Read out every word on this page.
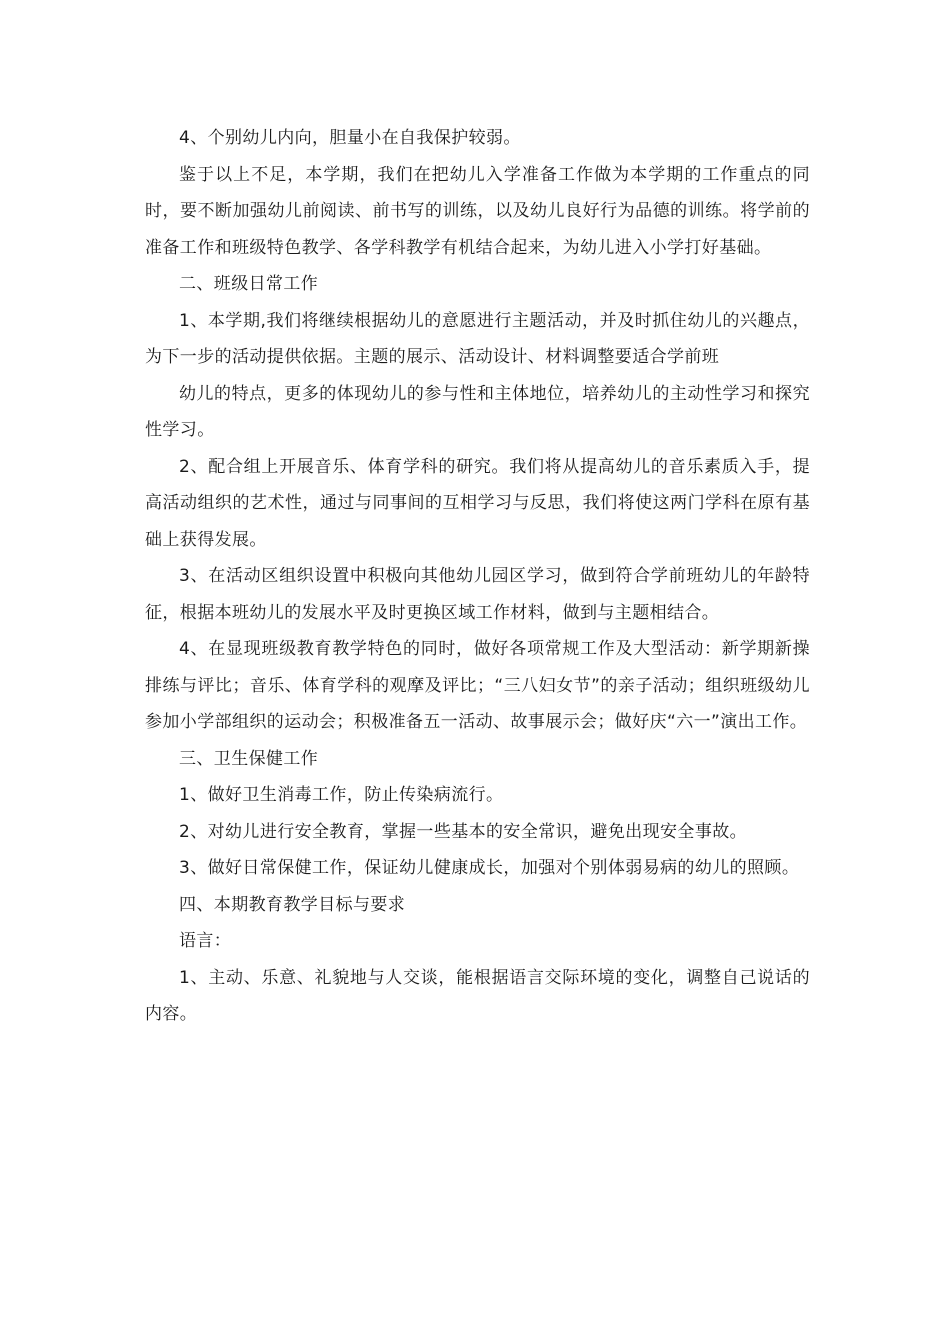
4、个别幼儿内向，胆量小在自我保护较弱。

鉴于以上不足，本学期，我们在把幼儿入学准备工作做为本学期的工作重点的同时，要不断加强幼儿前阅读、前书写的训练，以及幼儿良好行为品德的训练。将学前的准备工作和班级特色教学、各学科教学有机结合起来，为幼儿进入小学打好基础。

二、班级日常工作

1、本学期,我们将继续根据幼儿的意愿进行主题活动，并及时抓住幼儿的兴趣点，为下一步的活动提供依据。主题的展示、活动设计、材料调整要适合学前班

幼儿的特点，更多的体现幼儿的参与性和主体地位，培养幼儿的主动性学习和探究性学习。

2、配合组上开展音乐、体育学科的研究。我们将从提高幼儿的音乐素质入手，提高活动组织的艺术性，通过与同事间的互相学习与反思，我们将使这两门学科在原有基础上获得发展。

3、在活动区组织设置中积极向其他幼儿园区学习，做到符合学前班幼儿的年龄特征，根据本班幼儿的发展水平及时更换区域工作材料，做到与主题相结合。

4、在显现班级教育教学特色的同时，做好各项常规工作及大型活动：新学期新操排练与评比；音乐、体育学科的观摩及评比；“三八妇女节”的亲子活动；组织班级幼儿参加小学部组织的运动会；积极准备五一活动、故事展示会；做好庆“六一”演出工作。

三、卫生保健工作

1、做好卫生消毒工作，防止传染病流行。

2、对幼儿进行安全教育，掌握一些基本的安全常识，避免出现安全事故。

3、做好日常保健工作，保证幼儿健康成长，加强对个别体弱易病的幼儿的照顾。

四、本期教育教学目标与要求

语言：

1、主动、乐意、礼貌地与人交谈，能根据语言交际环境的变化，调整自己说话的内容。
